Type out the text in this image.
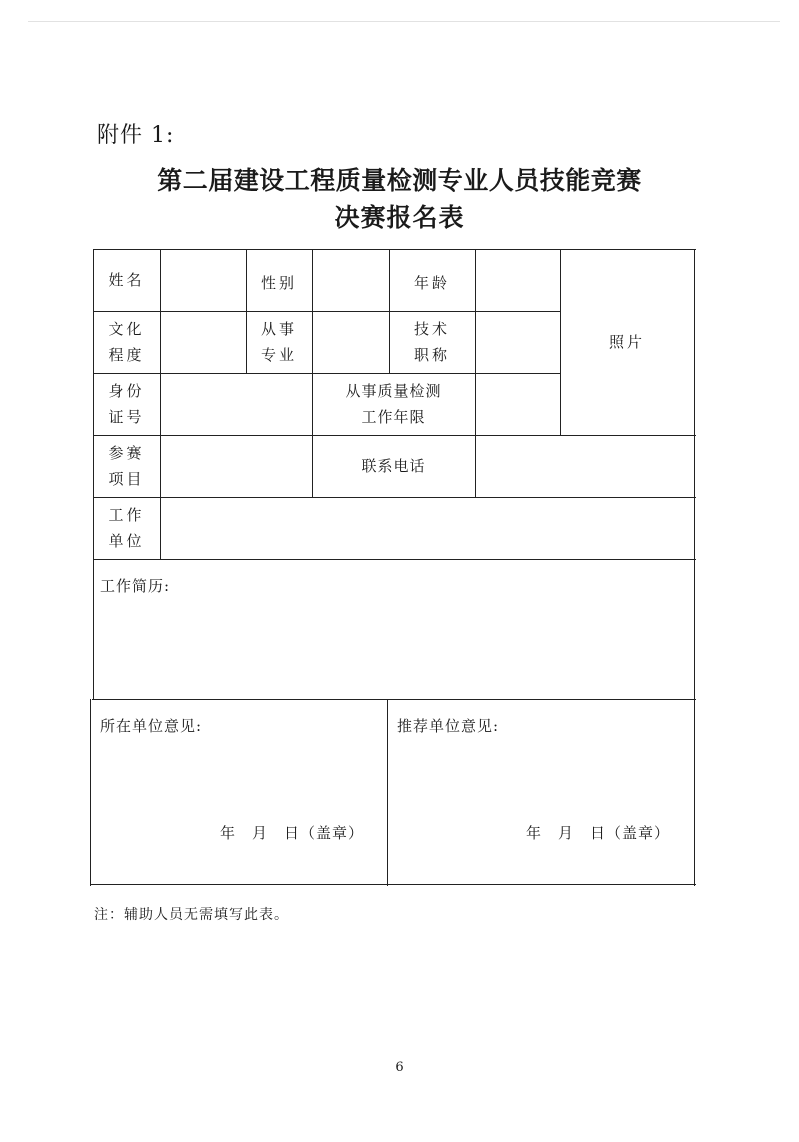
附件 1:
第二届建设工程质量检测专业人员技能竞赛
决赛报名表
姓名	性别	年龄
照片
文化
程度
从事
专业
技术
职称
身份
证号
从事质量检测
工作年限
参赛
项目
联系电话
工作
单位
工作简历:
所在单位意见:
年　月　日（盖章）
推荐单位意见:
年　月　日（盖章）
注：辅助人员无需填写此表。
6
